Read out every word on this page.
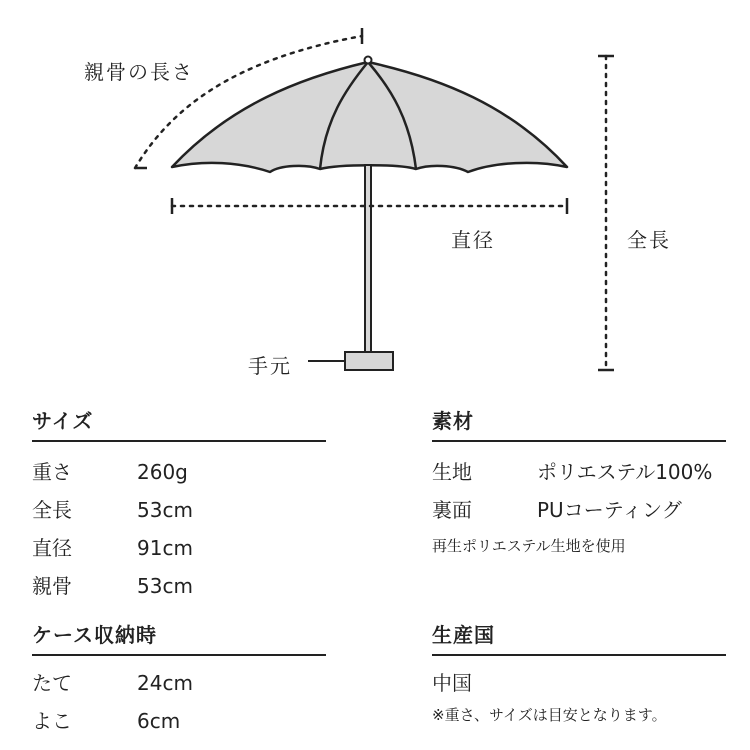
親骨の長さ
直径	全長
手元
サイズ
重さ	260g
全長	53cm
直径	91cm
親骨	53cm
素材
生地	ポリエステル100%
裏面	PUコーティング
再生ポリエステル生地を使用
ケース収納時
たて	24cm
よこ	6cm
生産国
中国
※重さ、サイズは目安となります。
